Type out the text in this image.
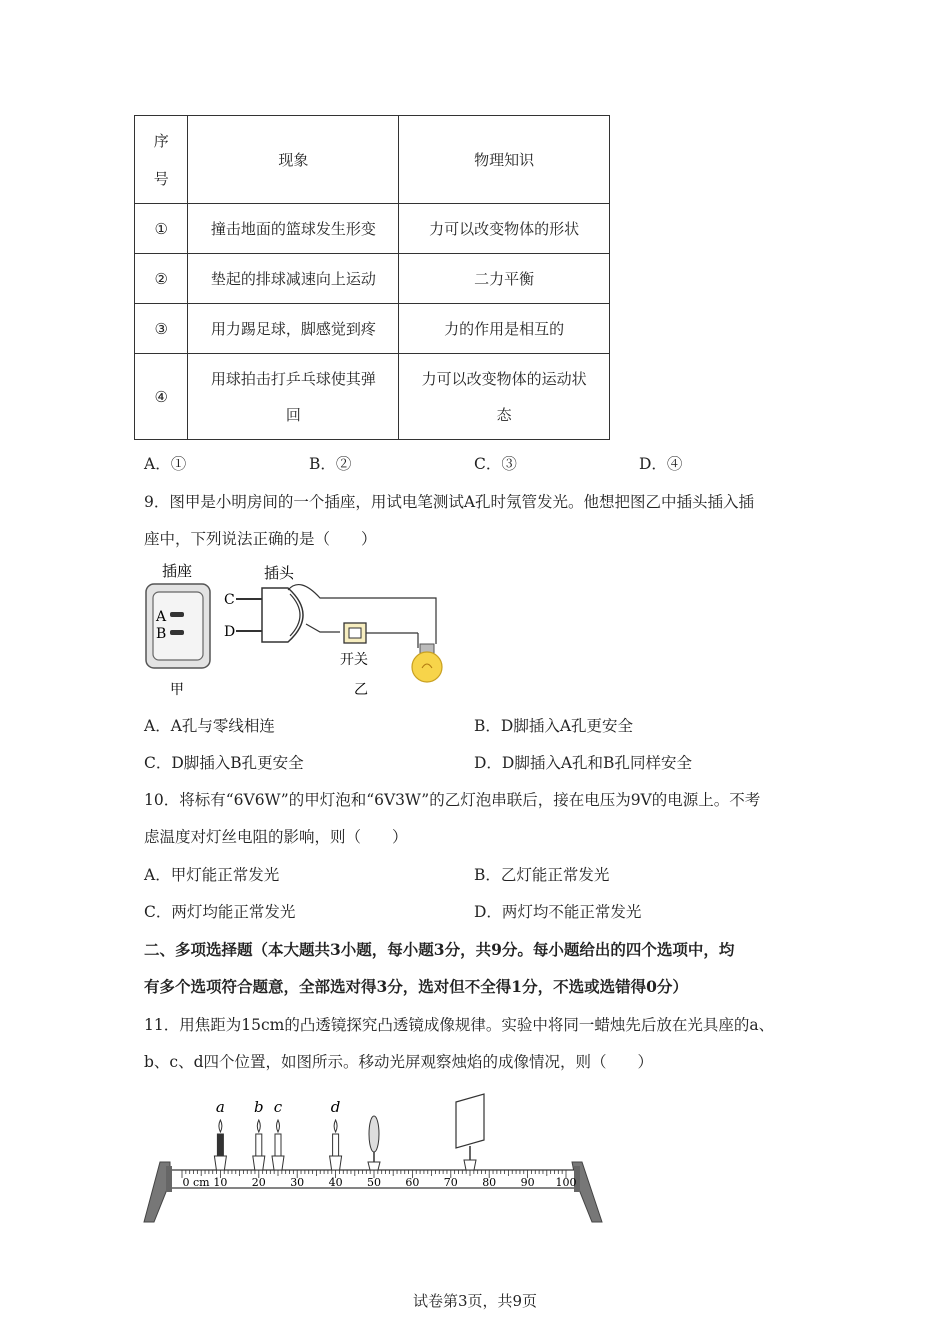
序
号	现象	物理知识
①	撞击地面的篮球发生形变	力可以改变物体的形状
②	垫起的排球减速向上运动	二力平衡
③	用力踢足球，脚感觉到疼	力的作用是相互的
④	用球拍击打乒乓球使其弹回	力可以改变物体的运动状态
A．①	B．②	C．③	D．④
9．图甲是小明房间的一个插座，用试电笔测试A孔时氖管发光。他想把图乙中插头插入插
座中，下列说法正确的是（　　）
插座
A
B
甲
插头
C
D
开关
乙
A．A孔与零线相连	B．D脚插入A孔更安全
C．D脚插入B孔更安全	D．D脚插入A孔和B孔同样安全
10．将标有“6V6W”的甲灯泡和“6V3W”的乙灯泡串联后，接在电压为9V的电源上。不考
虑温度对灯丝电阻的影响，则（　　）
A．甲灯能正常发光	B．乙灯能正常发光
C．两灯均能正常发光	D．两灯均不能正常发光
二、多项选择题（本大题共3小题，每小题3分，共9分。每小题给出的四个选项中，均
有多个选项符合题意，全部选对得3分，选对但不全得1分，不选或选错得0分）
11．用焦距为15cm的凸透镜探究凸透镜成像规律。实验中将同一蜡烛先后放在光具座的a、
b、c、d四个位置，如图所示。移动光屏观察烛焰的成像情况，则（　　）
0 cm 10 20 30 40 50 60 70 80 90 100
a b c	d
试卷第3页，共9页
